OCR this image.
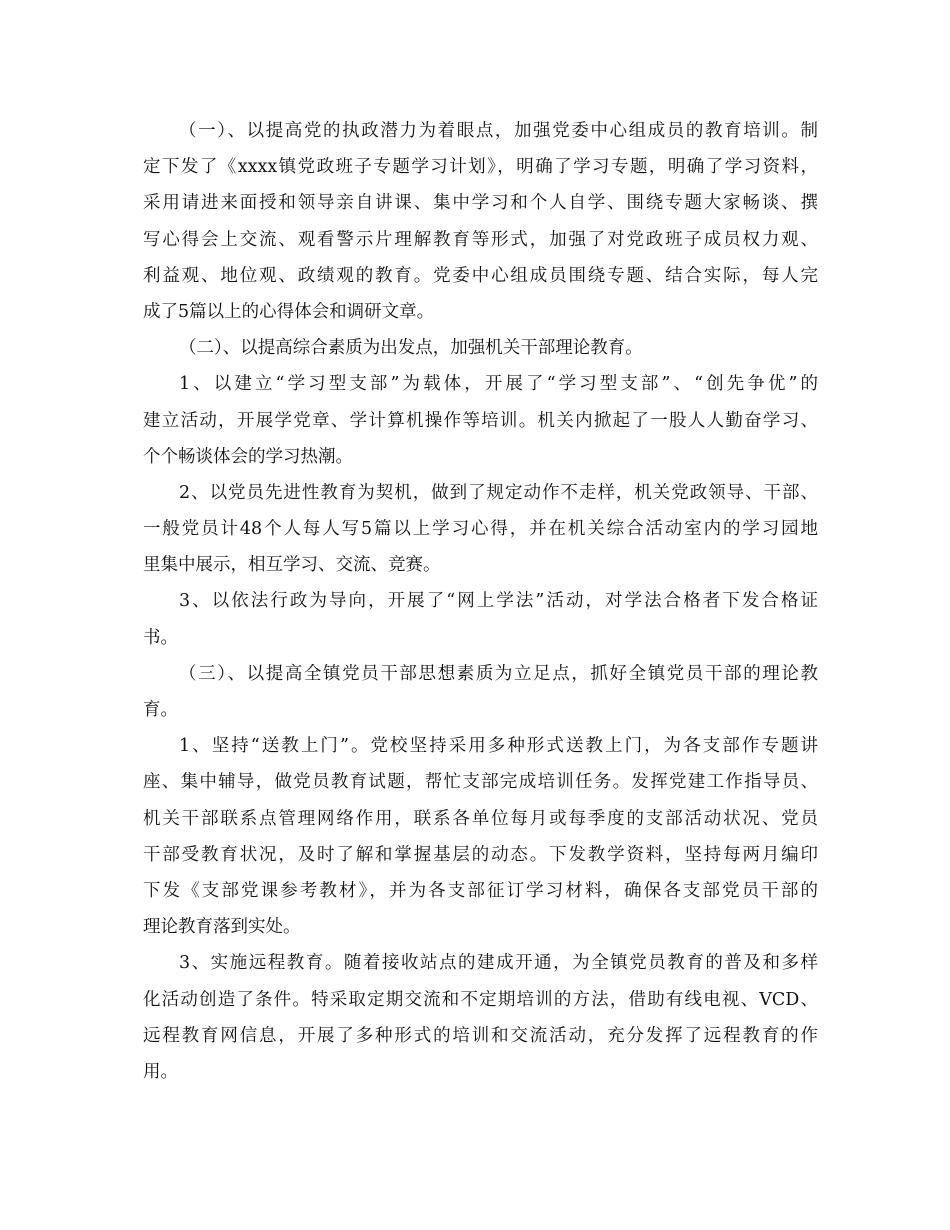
（一）、以提高党的执政潜力为着眼点，加强党委中心组成员的教育培训。制
定下发了《xxxx镇党政班子专题学习计划》，明确了学习专题，明确了学习资料，
采用请进来面授和领导亲自讲课、集中学习和个人自学、围绕专题大家畅谈、撰
写心得会上交流、观看警示片理解教育等形式，加强了对党政班子成员权力观、
利益观、地位观、政绩观的教育。党委中心组成员围绕专题、结合实际，每人完
成了5篇以上的心得体会和调研文章。
（二）、以提高综合素质为出发点，加强机关干部理论教育。
1、以建立“学习型支部”为载体，开展了“学习型支部”、“创先争优”的
建立活动，开展学党章、学计算机操作等培训。机关内掀起了一股人人勤奋学习、
个个畅谈体会的学习热潮。
2、以党员先进性教育为契机，做到了规定动作不走样，机关党政领导、干部、
一般党员计48个人每人写5篇以上学习心得，并在机关综合活动室内的学习园地
里集中展示，相互学习、交流、竞赛。
3、以依法行政为导向，开展了“网上学法”活动，对学法合格者下发合格证
书。
（三）、以提高全镇党员干部思想素质为立足点，抓好全镇党员干部的理论教
育。
1、坚持“送教上门”。党校坚持采用多种形式送教上门，为各支部作专题讲
座、集中辅导，做党员教育试题，帮忙支部完成培训任务。发挥党建工作指导员、
机关干部联系点管理网络作用，联系各单位每月或每季度的支部活动状况、党员
干部受教育状况，及时了解和掌握基层的动态。下发教学资料，坚持每两月编印
下发《支部党课参考教材》，并为各支部征订学习材料，确保各支部党员干部的
理论教育落到实处。
3、实施远程教育。随着接收站点的建成开通，为全镇党员教育的普及和多样
化活动创造了条件。特采取定期交流和不定期培训的方法，借助有线电视、VCD、
远程教育网信息，开展了多种形式的培训和交流活动，充分发挥了远程教育的作
用。
